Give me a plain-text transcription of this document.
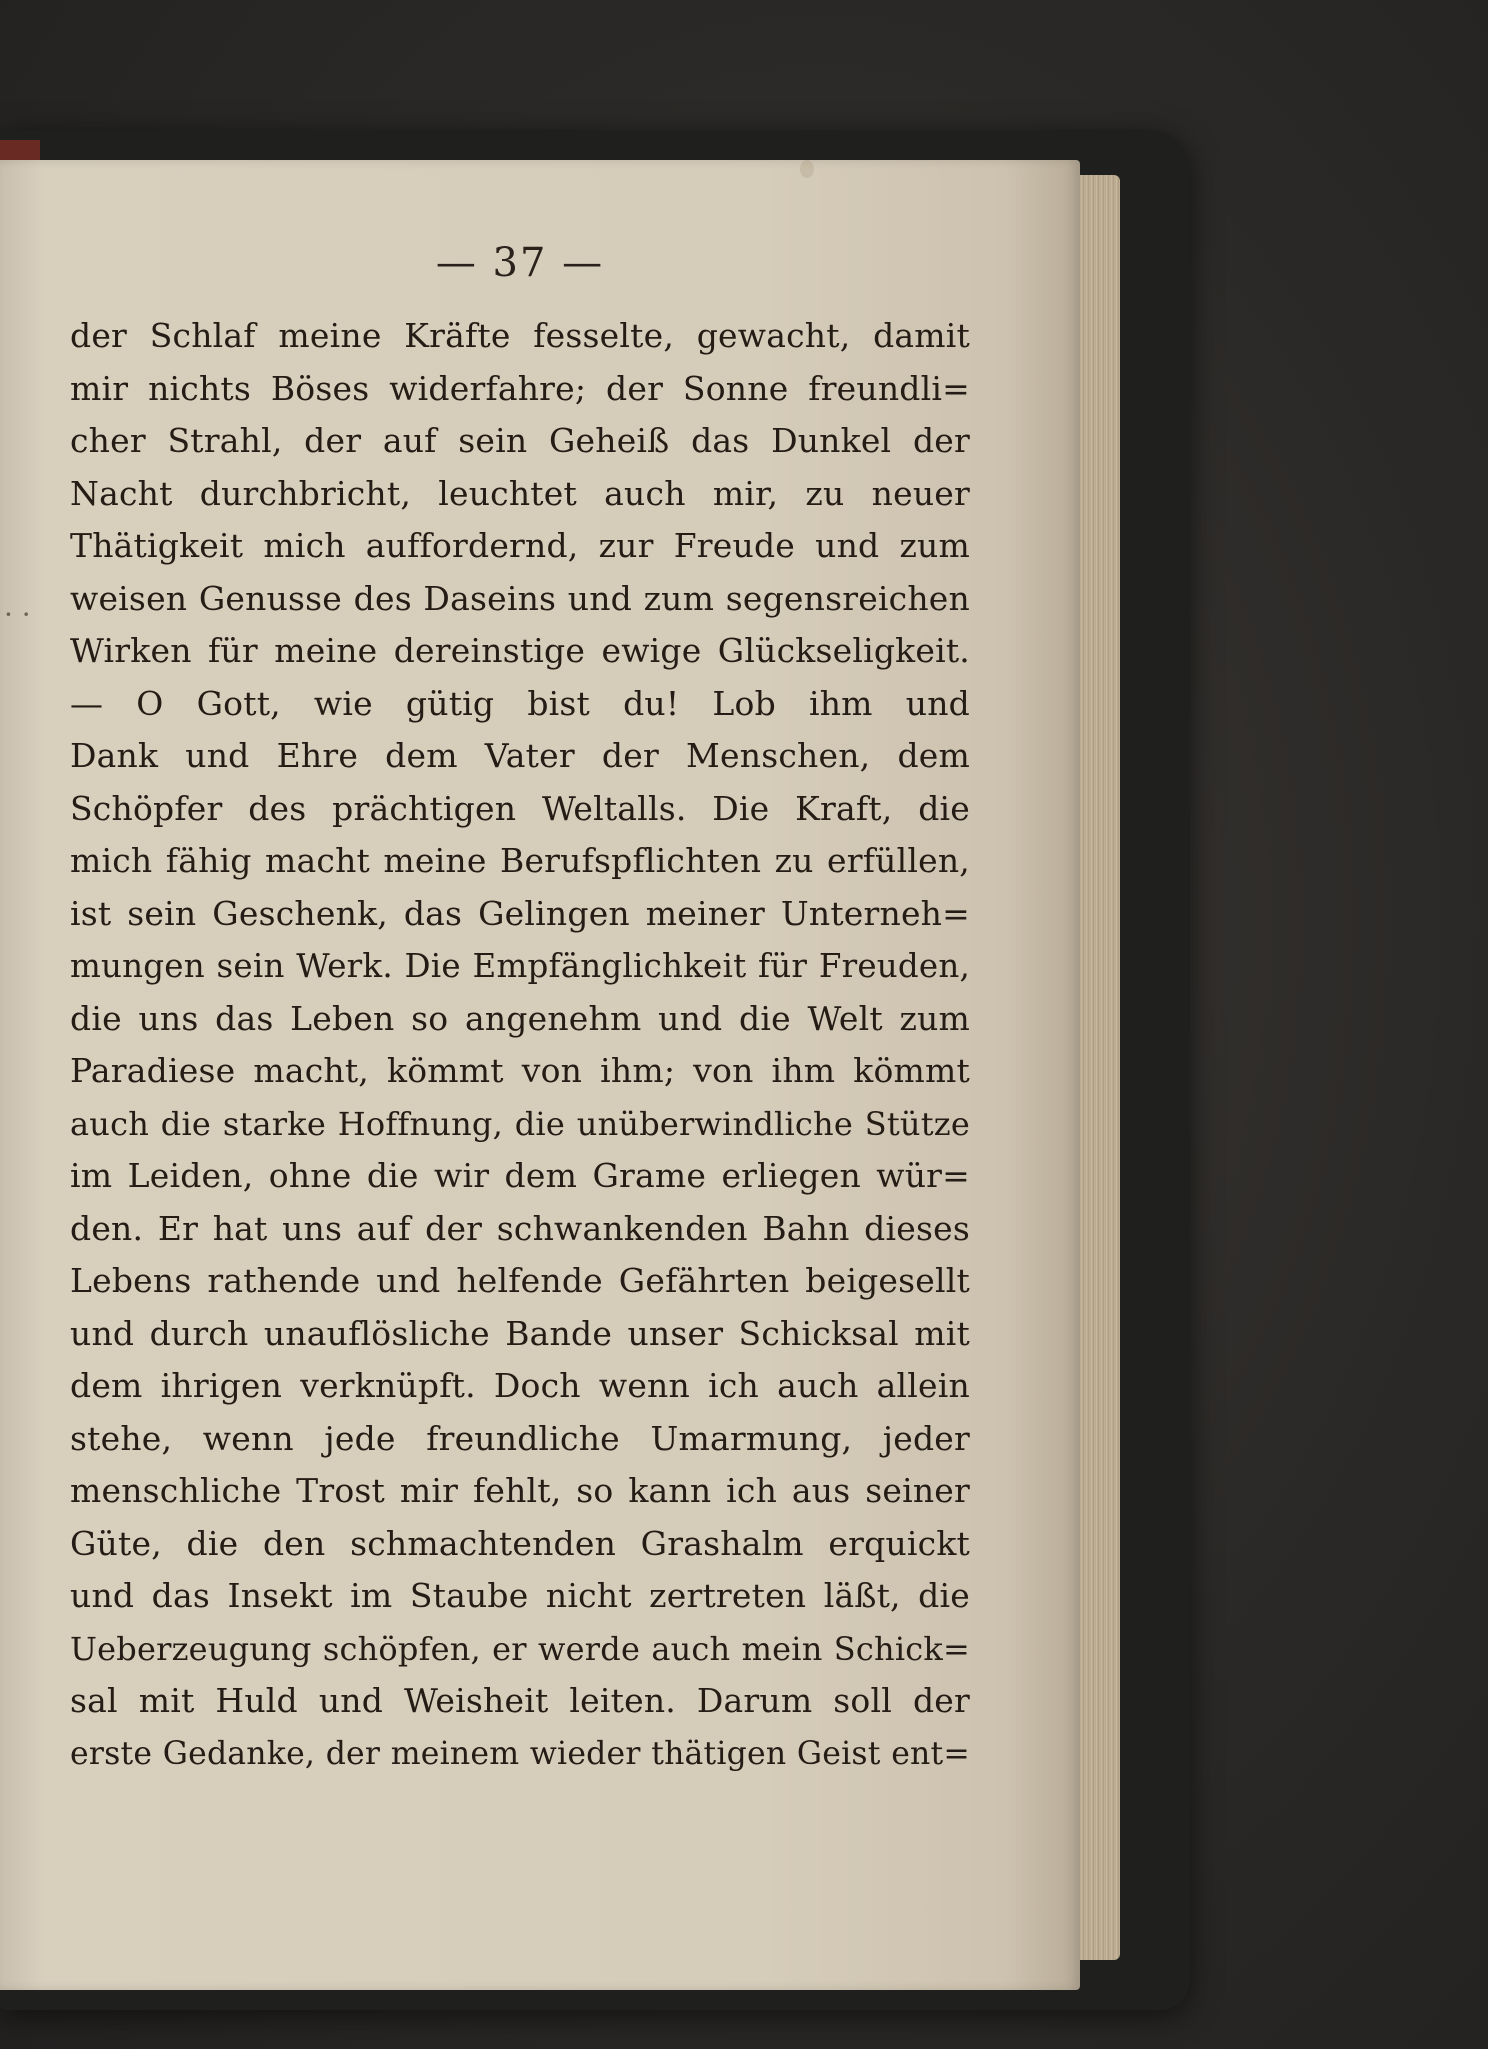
— 37 —
· ·
der Schlaf meine Kräfte fesselte, gewacht, damit
mir nichts Böses widerfahre; der Sonne freundli=
cher Strahl, der auf sein Geheiß das Dunkel der
Nacht durchbricht, leuchtet auch mir, zu neuer
Thätigkeit mich auffordernd, zur Freude und zum
weisen Genusse des Daseins und zum segensreichen
Wirken für meine dereinstige ewige Glückseligkeit.
— O Gott, wie gütig bist du! Lob ihm und
Dank und Ehre dem Vater der Menschen, dem
Schöpfer des prächtigen Weltalls. Die Kraft, die
mich fähig macht meine Berufspflichten zu erfüllen,
ist sein Geschenk, das Gelingen meiner Unterneh=
mungen sein Werk. Die Empfänglichkeit für Freuden,
die uns das Leben so angenehm und die Welt zum
Paradiese macht, kömmt von ihm; von ihm kömmt
auch die starke Hoffnung, die unüberwindliche Stütze
im Leiden, ohne die wir dem Grame erliegen wür=
den. Er hat uns auf der schwankenden Bahn dieses
Lebens rathende und helfende Gefährten beigesellt
und durch unauflösliche Bande unser Schicksal mit
dem ihrigen verknüpft. Doch wenn ich auch allein
stehe, wenn jede freundliche Umarmung, jeder
menschliche Trost mir fehlt, so kann ich aus seiner
Güte, die den schmachtenden Grashalm erquickt
und das Insekt im Staube nicht zertreten läßt, die
Ueberzeugung schöpfen, er werde auch mein Schick=
sal mit Huld und Weisheit leiten. Darum soll der
erste Gedanke, der meinem wieder thätigen Geist ent=
